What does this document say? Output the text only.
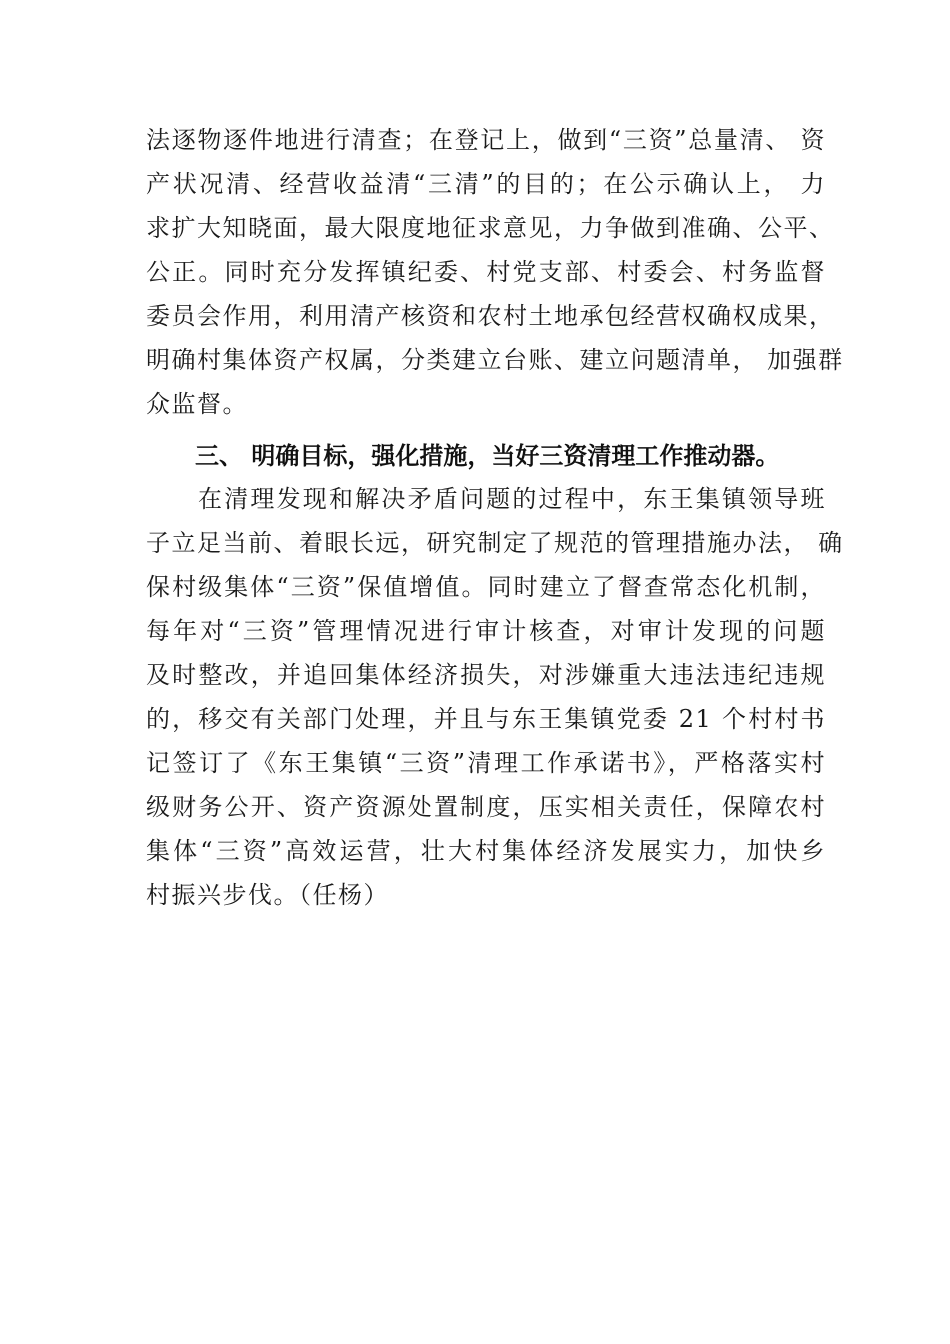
法逐物逐件地进行清查；在登记上，做到“三资”总量清、 资
产状况清、经营收益清“三清”的目的；在公示确认上， 力
求扩大知晓面，最大限度地征求意见，力争做到准确、公平、
公正。同时充分发挥镇纪委、村党支部、村委会、村务监督
委员会作用，利用清产核资和农村土地承包经营权确权成果，
明确村集体资产权属，分类建立台账、建立问题清单， 加强群
众监督。
三、 明确目标，强化措施，当好三资清理工作推动器。
在清理发现和解决矛盾问题的过程中，东王集镇领导班
子立足当前、着眼长远，研究制定了规范的管理措施办法， 确
保村级集体“三资”保值增值。同时建立了督查常态化机制，
每年对“三资”管理情况进行审计核查，对审计发现的问题
及时整改，并追回集体经济损失，对涉嫌重大违法违纪违规
的，移交有关部门处理，并且与东王集镇党委 21 个村村书
记签订了《东王集镇“三资”清理工作承诺书》，严格落实村
级财务公开、资产资源处置制度，压实相关责任，保障农村
集体“三资”高效运营，壮大村集体经济发展实力，加快乡
村振兴步伐。（任杨）
